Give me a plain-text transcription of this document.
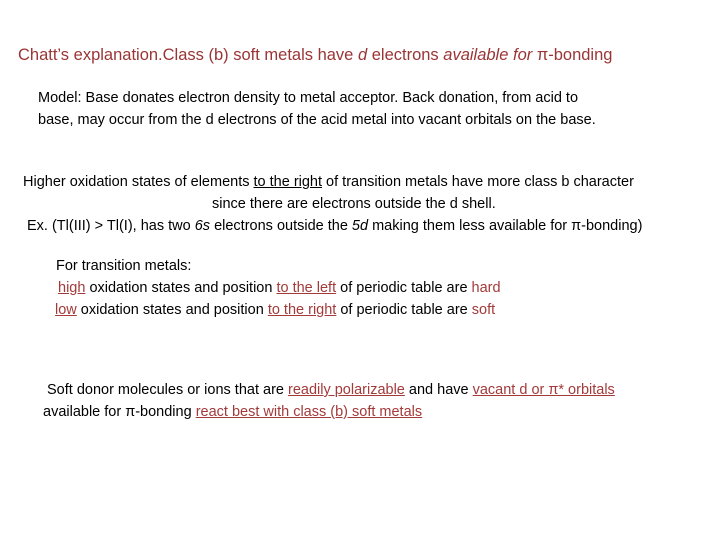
Chatt’s explanation.Class (b) soft metals have d electrons available for π-bonding
Model: Base donates electron density to metal acceptor. Back donation, from acid to
base, may occur from the d electrons of the acid metal into vacant orbitals on the base.
Higher oxidation states of elements to the right of transition metals have more class b character
since there are electrons outside the d shell.
Ex. (Tl(III) > Tl(I), has two 6s electrons outside the 5d making them less available for π-bonding)
For transition metals:
high oxidation states and position to the left of periodic table are hard
low oxidation states and position to the right of periodic table are soft
Soft donor molecules or ions that are readily polarizable and have vacant d or π* orbitals
available for π-bonding react best with class (b) soft metals
